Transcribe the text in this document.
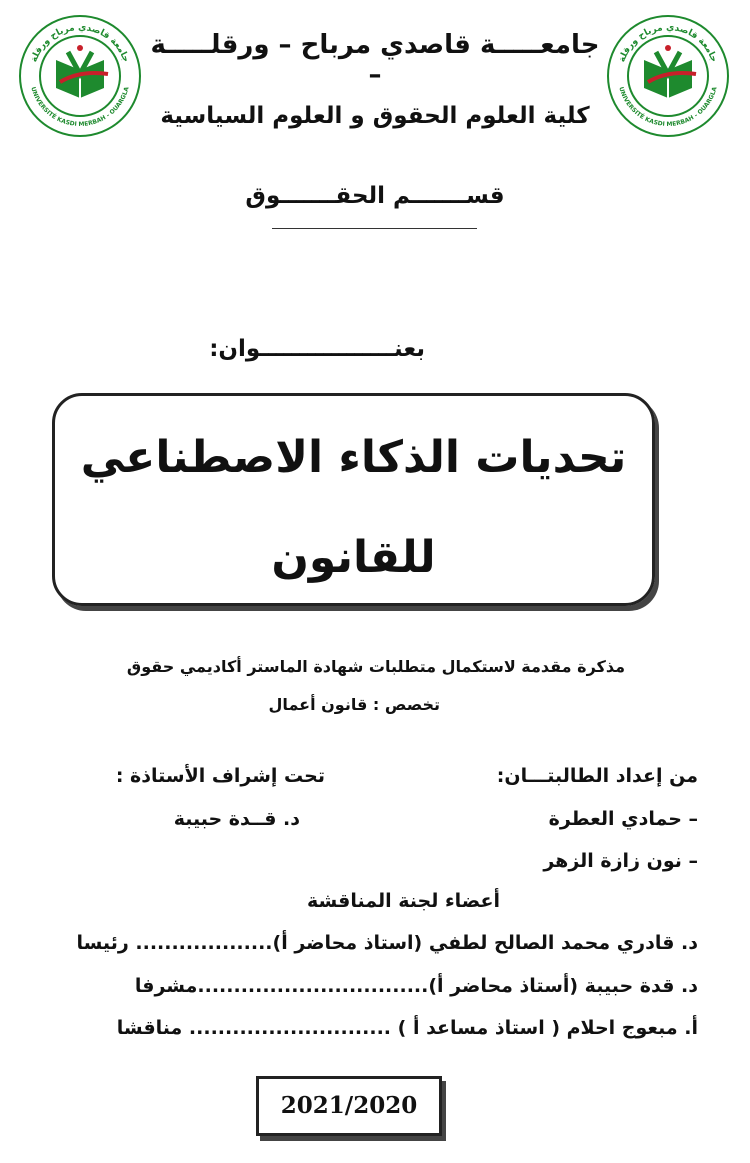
جامعة قاصدي مرباح ورقلة
UNIVERSITÉ KASDI MERBAH - OUARGLA
جامعة قاصدي مرباح ورقلة
UNIVERSITÉ KASDI MERBAH - OUARGLA
جامعـــــة قاصدي مرباح – ورقلـــــة –
كلية العلوم الحقوق و العلوم السياسية
قســـــــم الحقـــــــوق
بعنـــــــــــــــــوان:
تحديات الذكاء الاصطناعي
للقانون
مذكرة مقدمة لاستكمال متطلبات شهادة الماستر أكاديمي حقوق
تخصص : قانون أعمال
من إعداد الطالبتـــان:
تحت إشراف الأستاذة :
– حمادي العطرة
د. قــدة حبيبة
– نون زازة الزهر
أعضاء لجنة المناقشة
د. قادري محمد الصالح لطفي (استاذ محاضر أ)................... رئيسا
د. قدة حبيبة (أستاذ محاضر أ)................................مشرفا
أ. مبعوج احلام ( استاذ مساعد أ ) ............................ مناقشا
2021/2020
